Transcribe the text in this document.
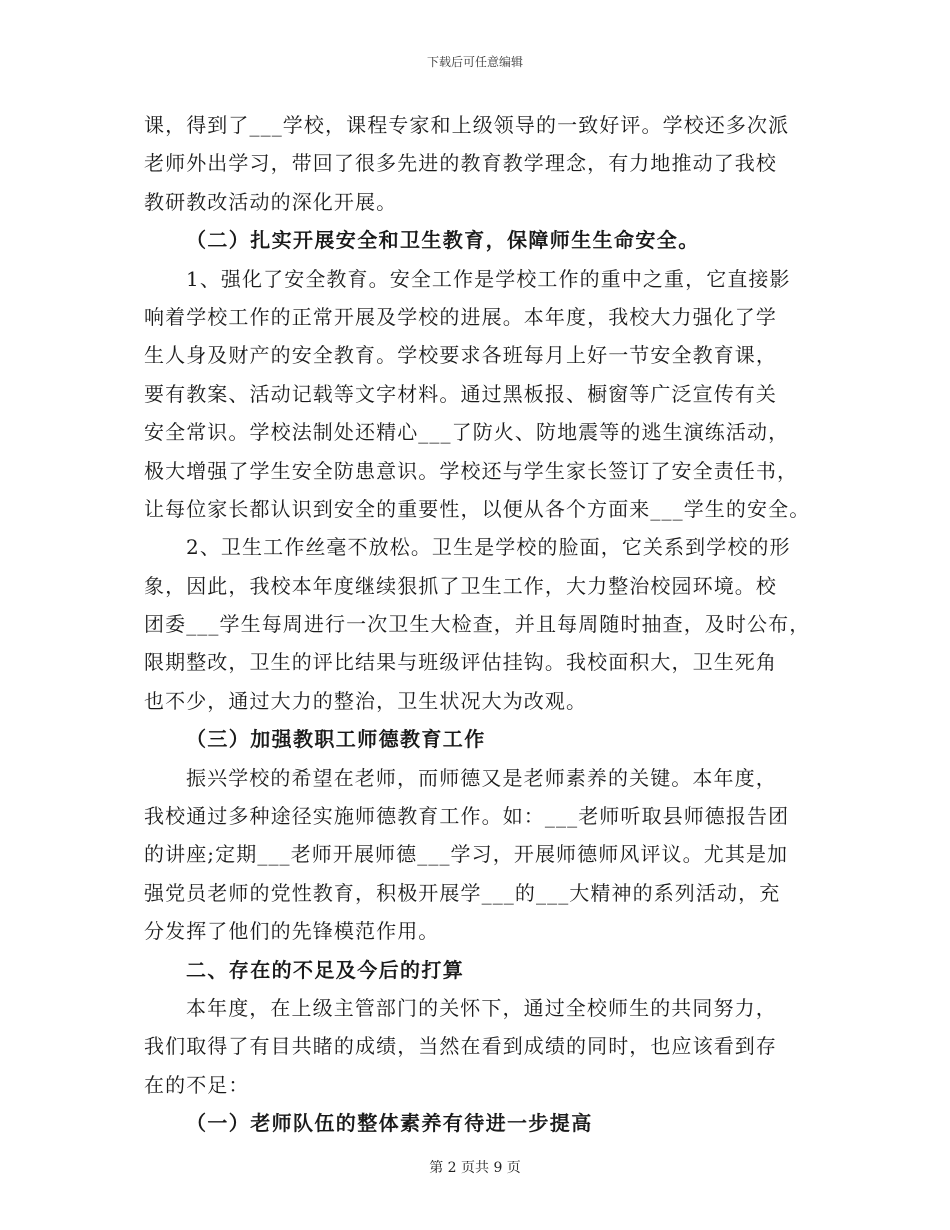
下载后可任意编辑
课，得到了___学校，课程专家和上级领导的一致好评。学校还多次派
老师外出学习，带回了很多先进的教育教学理念，有力地推动了我校
教研教改活动的深化开展。
（二）扎实开展安全和卫生教育，保障师生生命安全。
1、强化了安全教育。安全工作是学校工作的重中之重，它直接影
响着学校工作的正常开展及学校的进展。本年度，我校大力强化了学
生人身及财产的安全教育。学校要求各班每月上好一节安全教育课，
要有教案、活动记载等文字材料。通过黑板报、橱窗等广泛宣传有关
安全常识。学校法制处还精心___了防火、防地震等的逃生演练活动，
极大增强了学生安全防患意识。学校还与学生家长签订了安全责任书，
让每位家长都认识到安全的重要性，以便从各个方面来___学生的安全。
2、卫生工作丝毫不放松。卫生是学校的脸面，它关系到学校的形
象，因此，我校本年度继续狠抓了卫生工作，大力整治校园环境。校
团委___学生每周进行一次卫生大检查，并且每周随时抽查，及时公布，
限期整改，卫生的评比结果与班级评估挂钩。我校面积大，卫生死角
也不少，通过大力的整治，卫生状况大为改观。
（三）加强教职工师德教育工作
振兴学校的希望在老师，而师德又是老师素养的关键。本年度，
我校通过多种途径实施师德教育工作。如：___老师听取县师德报告团
的讲座;定期___老师开展师德___学习，开展师德师风评议。尤其是加
强党员老师的党性教育，积极开展学___的___大精神的系列活动，充
分发挥了他们的先锋模范作用。
二、存在的不足及今后的打算
本年度，在上级主管部门的关怀下，通过全校师生的共同努力，
我们取得了有目共睹的成绩，当然在看到成绩的同时，也应该看到存
在的不足：
（一）老师队伍的整体素养有待进一步提高
第 2 页共 9 页
